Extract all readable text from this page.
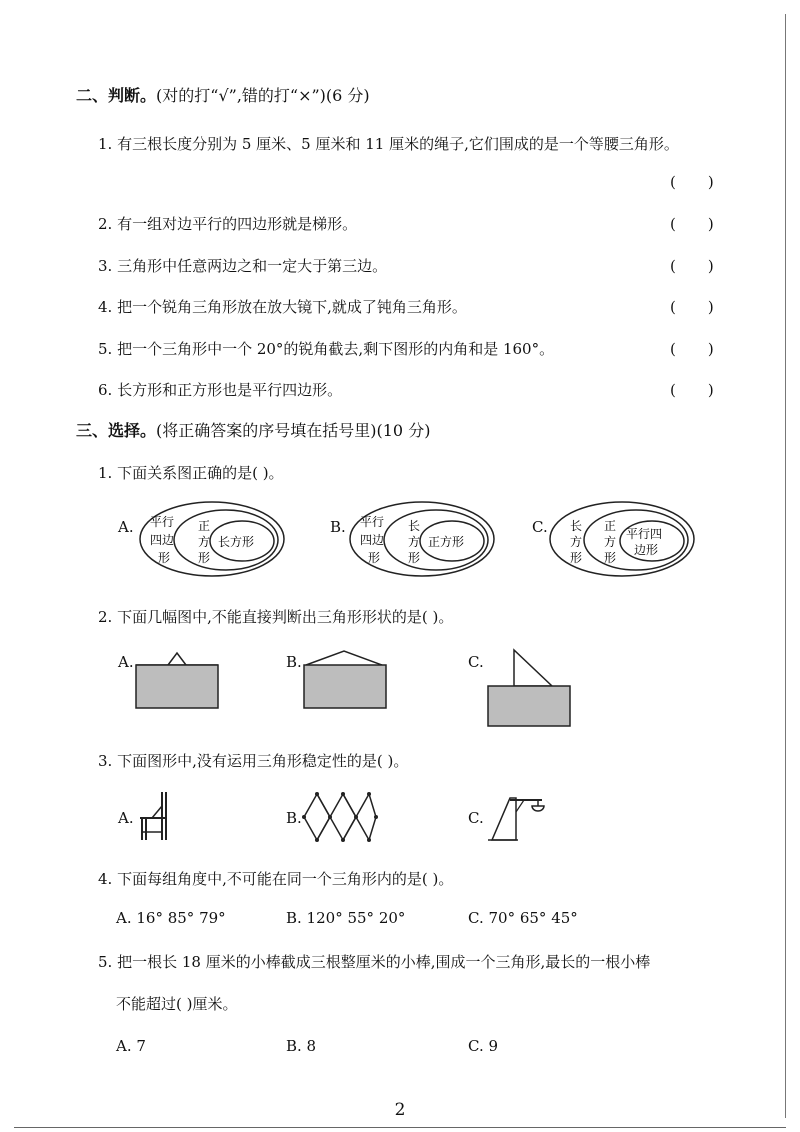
二、判断。(对的打“√”,错的打“×”)(6 分)
1. 有三根长度分别为 5 厘米、5 厘米和 11 厘米的绳子,它们围成的是一个等腰三角形。
( )
2. 有一组对边平行的四边形就是梯形。	( )
3. 三角形中任意两边之和一定大于第三边。	( )
4. 把一个锐角三角形放在放大镜下,就成了钝角三角形。	( )
5. 把一个三角形中一个 20°的锐角截去,剩下图形的内角和是 160°。	( )
6. 长方形和正方形也是平行四边形。	( )
三、选择。(将正确答案的序号填在括号里)(10 分)
1. 下面关系图正确的是( )。
A. 平行
四边
形
正
方
形
长方形
B. 平行
四边
形
长
方
形
正方形
C. 长
方
形
正
方
形
平行四
边形
2. 下面几幅图中,不能直接判断出三角形形状的是( )。
A.	B.	C.
3. 下面图形中,没有运用三角形稳定性的是( )。
A.	B.	C.
4. 下面每组角度中,不可能在同一个三角形内的是( )。
A. 16° 85° 79°	B. 120° 55° 20°	C. 70° 65° 45°
5. 把一根长 18 厘米的小棒截成三根整厘米的小棒,围成一个三角形,最长的一根小棒
不能超过( )厘米。
A. 7	B. 8	C. 9
2
